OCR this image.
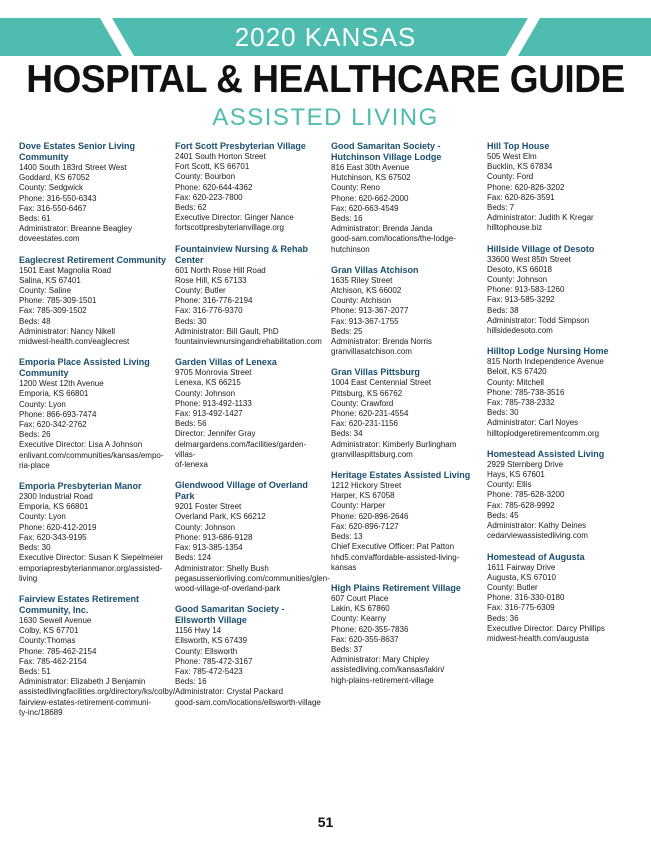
2020 KANSAS
HOSPITAL & HEALTHCARE GUIDE
ASSISTED LIVING
Dove Estates Senior Living Community
1400 South 183rd Street West
Goddard, KS 67052
County: Sedgwick
Phone: 316-550-6343
Fax: 316-550-6467
Beds: 61
Administrator: Breanne Beagley
doveestates.com
Eaglecrest Retirement Community
1501 East Magnolia Road
Salina, KS 67401
County: Saline
Phone: 785-309-1501
Fax: 785-309-1502
Beds: 48
Administrator: Nancy Nikell
midwest-health.com/eaglecrest
Emporia Place Assisted Living Community
1200 West 12th Avenue
Emporia, KS 66801
County: Lyon
Phone: 866-693-7474
Fax: 620-342-2762
Beds: 26
Executive Director: Lisa A Johnson
enlivant.com/communities/kansas/empo-
ria-place
Emporia Presbyterian Manor
2300 Industrial Road
Emporia, KS 66801
County: Lyon
Phone: 620-412-2019
Fax: 620-343-9195
Beds: 30
Executive Director: Susan K Siepelmeier
emporiapresbyterianmanor.org/assisted-living
Fairview Estates Retirement Community, Inc.
1630 Sewell Avenue
Colby, KS 67701
County:Thomas
Phone: 785-462-2154
Fax: 785-462-2154
Beds: 51
Administrator: Elizabeth J Benjamin
assistedlivingfacilities.org/directory/ks/colby/
fairview-estates-retirement-communi-
ty-inc/18689
Fort Scott Presbyterian Village
2401 South Horton Street
Fort Scott, KS 66701
County: Bourbon
Phone: 620-644-4362
Fax: 620-223-7800
Beds: 62
Executive Director: Ginger Nance
fortscottpresbyterianvillage.org
Fountainview Nursing & Rehab Center
601 North Rose Hill Road
Rose Hill, KS 67133
County: Butler
Phone: 316-776-2194
Fax: 316-776-9370
Beds: 30
Administrator: Bill Gault, PhD
fountainviewnursingandrehabilitation.com
Garden Villas of Lenexa
9705 Monrovia Street
Lenexa, KS 66215
County: Johnson
Phone: 913-492-1133
Fax: 913-492-1427
Beds: 56
Director: Jennifer Gray
delmargardens.com/facilities/garden-villas-
of-lenexa
Glendwood Village of Overland Park
9201 Foster Street
Overland Park, KS 66212
County: Johnson
Phone: 913-686-9128
Fax: 913-385-1354
Beds: 124
Administrator: Shelly Bush
pegasusseniorliving.com/communities/glen-
wood-village-of-overland-park
Good Samaritan Society - Ellsworth Village
1156 Hwy 14
Ellsworth, KS 67439
County: Ellsworth
Phone: 785-472-3167
Fax: 785-472-5423
Beds: 16
Administrator: Crystal Packard
good-sam.com/locations/ellsworth-village
Good Samaritan Society - Hutchinson Village Lodge
816 East 30th Avenue
Hutchinson, KS 67502
County: Reno
Phone: 620-662-2000
Fax: 620-663-4549
Beds: 16
Administrator: Brenda Janda
good-sam.com/locations/the-lodge-hutchinson
Gran Villas Atchison
1635 Riley Street
Atchison, KS 66002
County: Atchison
Phone: 913-367-2077
Fax: 913-367-1755
Beds: 25
Administrator: Brenda Norris
granvillasatchison.com
Gran Villas Pittsburg
1004 East Centennial Street
Pittsburg, KS 66762
County: Crawford
Phone: 620-231-4554
Fax: 620-231-1156
Beds: 34
Administrator: Kimberly Burlingham
granvillaspittsburg.com
Heritage Estates Assisted Living
1212 Hickory Street
Harper, KS 67058
County: Harper
Phone: 620-896-2646
Fax: 620-896-7127
Beds: 13
Chief Executive Officer: Pat Patton
hhd5.com/affordable-assisted-living-kansas
High Plains Retirement Village
607 Court Place
Lakin, KS 67860
County: Kearny
Phone: 620-355-7836
Fax: 620-355-8637
Beds: 37
Administrator: Mary Chipley
assistedliving.com/kansas/lakin/
high-plains-retirement-village
Hill Top House
505 West Elm
Bucklin, KS 67834
County: Ford
Phone: 620-826-3202
Fax: 620-826-3591
Beds: 7
Administrator: Judith K Kregar
hilltophouse.biz
Hillside Village of Desoto
33600 West 85th Street
Desoto, KS 66018
County: Johnson
Phone: 913-583-1260
Fax: 913-585-3292
Beds: 38
Administrator: Todd Simpson
hillsidedesoto.com
Hilltop Lodge Nursing Home
815 North Independence Avenue
Beloit, KS 67420
County: Mitchell
Phone: 785-738-3516
Fax: 785-738-2332
Beds: 30
Administrator: Carl Noyes
hilltoplodgeretirementcomm.org
Homestead Assisted Living
2929 Sternberg Drive
Hays, KS 67601
County: Ellis
Phone: 785-628-3200
Fax: 785-628-9992
Beds: 45
Administrator: Kathy Deines
cedarviewassistedliving.com
Homestead of Augusta
1611 Fairway Drive
Augusta, KS 67010
County: Butler
Phone: 316-330-0180
Fax: 316-775-6309
Beds: 36
Executive Director: Darcy Phillips
midwest-health.com/augusta
51
